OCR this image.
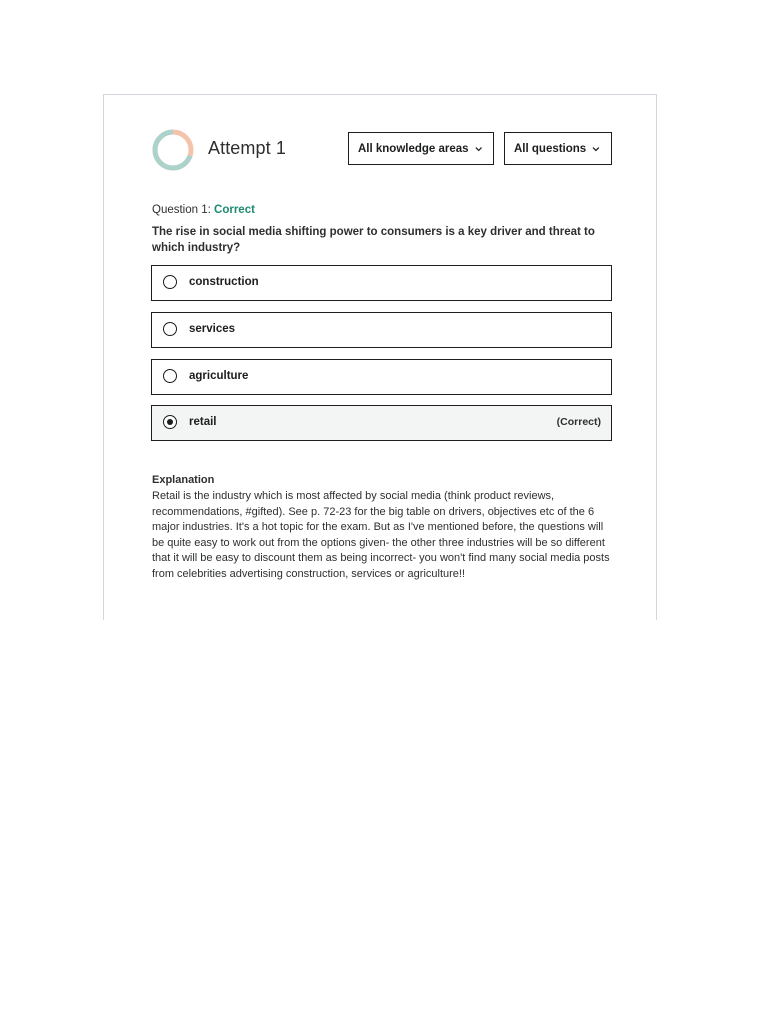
Attempt 1	All knowledge areas	All questions
Question 1: Correct
The rise in social media shifting power to consumers is a key driver and threat to which industry?
construction
services
agriculture
retail	(Correct)
Explanation
Retail is the industry which is most affected by social media (think product reviews, recommendations, #gifted). See p. 72-23 for the big table on drivers, objectives etc of the 6 major industries. It's a hot topic for the exam. But as I've mentioned before, the questions will be quite easy to work out from the options given- the other three industries will be so different that it will be easy to discount them as being incorrect- you won't find many social media posts from celebrities advertising construction, services or agriculture!!
